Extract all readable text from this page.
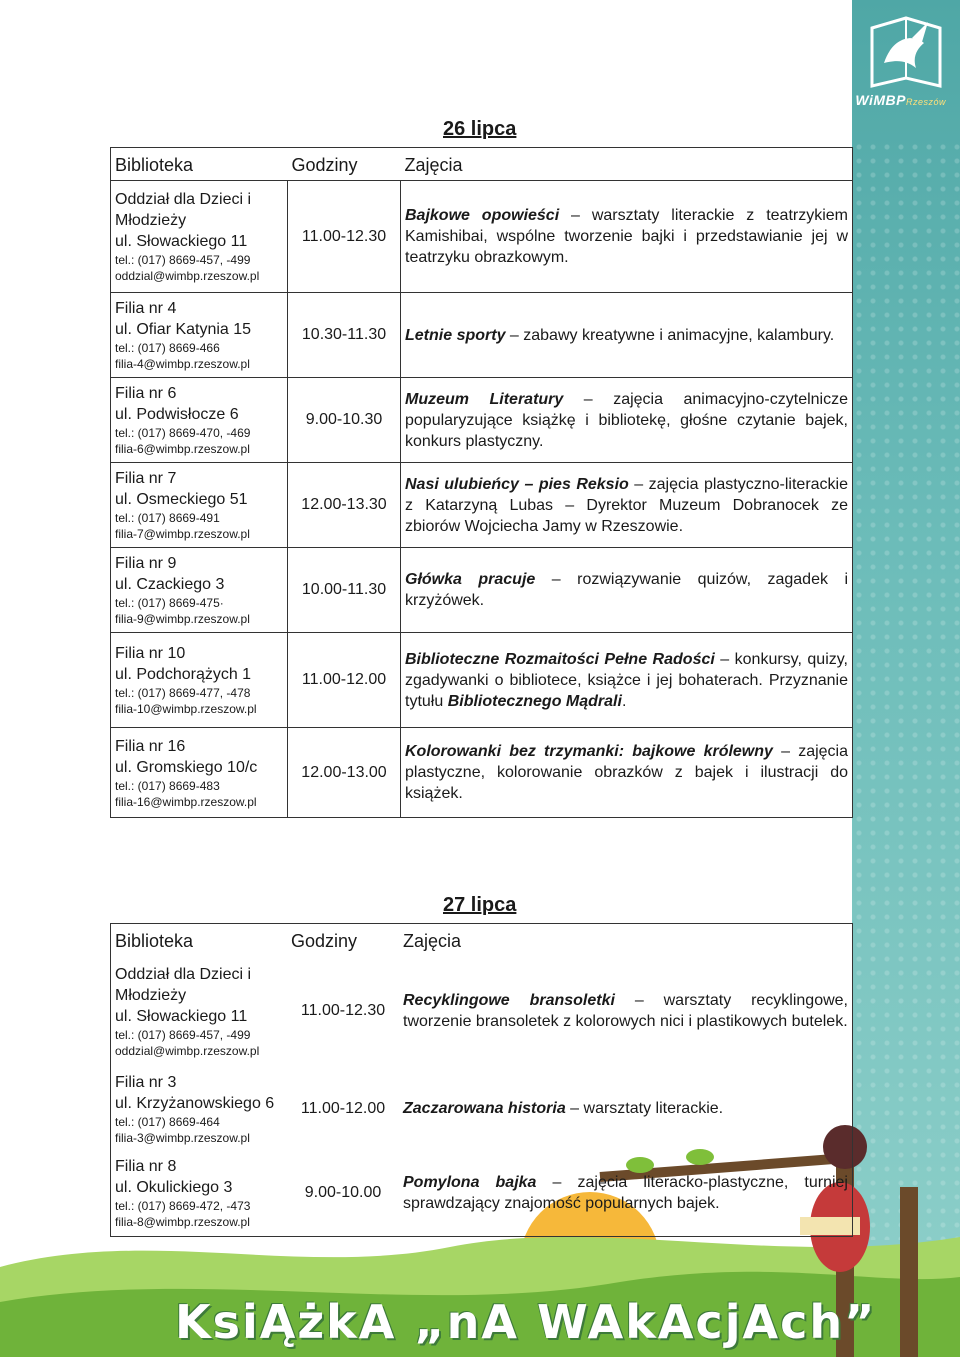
WiMBPRzeszów
KsiĄżkA „nA WAkAcjAch”
26 lipca
Biblioteka	Godziny	Zajęcia

Oddział dla Dzieci i Młodzieży
ul. Słowackiego 11
tel.: (017) 8669-457, -499
oddzial@wimbp.rzeszow.pl	11.00-12.30	Bajkowe opowieści – warsztaty literackie z teatrzykiem Kamishibai, wspólne tworzenie bajki i przedstawianie jej w teatrzyku obrazkowym.

Filia nr 4
ul. Ofiar Katynia 15
tel.: (017) 8669-466
filia-4@wimbp.rzeszow.pl	10.30-11.30	Letnie sporty – zabawy kreatywne i animacyjne, kalambury.

Filia nr 6
ul. Podwisłocze 6
tel.: (017) 8669-470, -469
filia-6@wimbp.rzeszow.pl	9.00-10.30	Muzeum Literatury – zajęcia animacyjno-czytelnicze popularyzujące książkę i bibliotekę, głośne czytanie bajek, konkurs plastyczny.

Filia nr 7
ul. Osmeckiego 51
tel.: (017) 8669-491
filia-7@wimbp.rzeszow.pl	12.00-13.30	Nasi ulubieńcy – pies Reksio – zajęcia plastyczno-literackie z Katarzyną Lubas – Dyrektor Muzeum Dobranocek ze zbiorów Wojciecha Jamy w Rzeszowie.

Filia nr 9
ul. Czackiego 3
tel.: (017) 8669-475·
filia-9@wimbp.rzeszow.pl	10.00-11.30	Główka pracuje – rozwiązywanie quizów, zagadek i krzyżówek.

Filia nr 10
ul. Podchorążych 1
tel.: (017) 8669-477, -478
filia-10@wimbp.rzeszow.pl	11.00-12.00	Biblioteczne Rozmaitości Pełne Radości – konkursy, quizy, zgadywanki o bibliotece, książce i jej bohaterach. Przyznanie tytułu Bibliotecznego Mądrali.

Filia nr 16
ul. Gromskiego 10/c
tel.: (017) 8669-483
filia-16@wimbp.rzeszow.pl	12.00-13.00	Kolorowanki bez trzymanki: bajkowe królewny – zajęcia plastyczne, kolorowanie obrazków z bajek i ilustracji do książek.
27 lipca
Biblioteka	Godziny	Zajęcia

Oddział dla Dzieci i Młodzieży
ul. Słowackiego 11
tel.: (017) 8669-457, -499
oddzial@wimbp.rzeszow.pl	11.00-12.30	Recyklingowe bransoletki – warsztaty recyklingowe, tworzenie bransoletek z kolorowych nici i plastikowych butelek.

Filia nr 3
ul. Krzyżanowskiego 6
tel.: (017) 8669-464
filia-3@wimbp.rzeszow.pl	11.00-12.00	Zaczarowana historia – warsztaty literackie.

Filia nr 8
ul. Okulickiego 3
tel.: (017) 8669-472, -473
filia-8@wimbp.rzeszow.pl	9.00-10.00	Pomylona bajka – zajęcia literacko-plastyczne, turniej sprawdzający znajomość popularnych bajek.
